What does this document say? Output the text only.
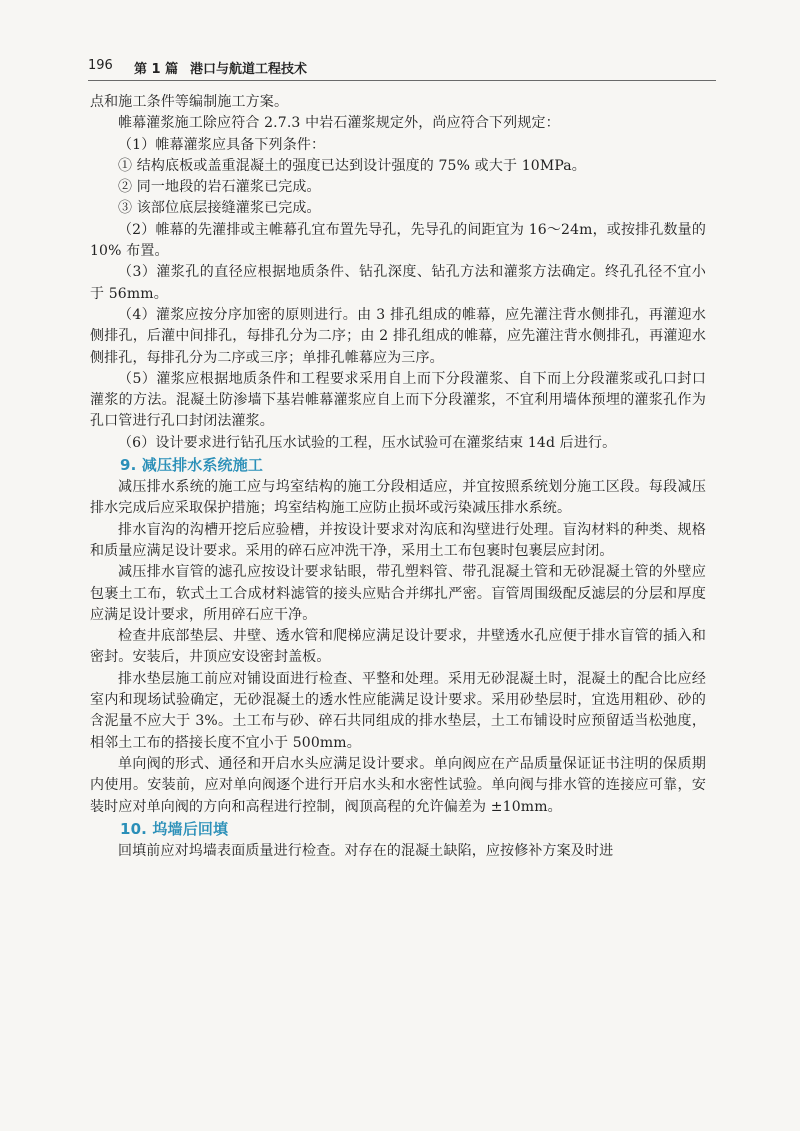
196 第 1 篇 港口与航道工程技术

点和施工条件等编制施工方案。

帷幕灌浆施工除应符合 2.7.3 中岩石灌浆规定外，尚应符合下列规定：

（1）帷幕灌浆应具备下列条件：

① 结构底板或盖重混凝土的强度已达到设计强度的 75% 或大于 10MPa。

② 同一地段的岩石灌浆已完成。

③ 该部位底层接缝灌浆已完成。

（2）帷幕的先灌排或主帷幕孔宜布置先导孔，先导孔的间距宜为 16～24m，或按排孔数量的 10% 布置。

（3）灌浆孔的直径应根据地质条件、钻孔深度、钻孔方法和灌浆方法确定。终孔孔径不宜小于 56mm。

（4）灌浆应按分序加密的原则进行。由 3 排孔组成的帷幕，应先灌注背水侧排孔，再灌迎水侧排孔，后灌中间排孔，每排孔分为二序；由 2 排孔组成的帷幕，应先灌注背水侧排孔，再灌迎水侧排孔，每排孔分为二序或三序；单排孔帷幕应为三序。

（5）灌浆应根据地质条件和工程要求采用自上而下分段灌浆、自下而上分段灌浆或孔口封口灌浆的方法。混凝土防渗墙下基岩帷幕灌浆应自上而下分段灌浆，不宜利用墙体预埋的灌浆孔作为孔口管进行孔口封闭法灌浆。

（6）设计要求进行钻孔压水试验的工程，压水试验可在灌浆结束 14d 后进行。

9. 减压排水系统施工

减压排水系统的施工应与坞室结构的施工分段相适应，并宜按照系统划分施工区段。每段减压排水完成后应采取保护措施；坞室结构施工应防止损坏或污染减压排水系统。

排水盲沟的沟槽开挖后应验槽，并按设计要求对沟底和沟壁进行处理。盲沟材料的种类、规格和质量应满足设计要求。采用的碎石应冲洗干净，采用土工布包裹时包裹层应封闭。

减压排水盲管的滤孔应按设计要求钻眼，带孔塑料管、带孔混凝土管和无砂混凝土管的外壁应包裹土工布，软式土工合成材料滤管的接头应贴合并绑扎严密。盲管周围级配反滤层的分层和厚度应满足设计要求，所用碎石应干净。

检查井底部垫层、井壁、透水管和爬梯应满足设计要求，井壁透水孔应便于排水盲管的插入和密封。安装后，井顶应安设密封盖板。

排水垫层施工前应对铺设面进行检查、平整和处理。采用无砂混凝土时，混凝土的配合比应经室内和现场试验确定，无砂混凝土的透水性应能满足设计要求。采用砂垫层时，宜选用粗砂、砂的含泥量不应大于 3%。土工布与砂、碎石共同组成的排水垫层，土工布铺设时应预留适当松弛度，相邻土工布的搭接长度不宜小于 500mm。

单向阀的形式、通径和开启水头应满足设计要求。单向阀应在产品质量保证证书注明的保质期内使用。安装前，应对单向阀逐个进行开启水头和水密性试验。单向阀与排水管的连接应可靠，安装时应对单向阀的方向和高程进行控制，阀顶高程的允许偏差为 ±10mm。

10. 坞墙后回填

回填前应对坞墙表面质量进行检查。对存在的混凝土缺陷，应按修补方案及时进
